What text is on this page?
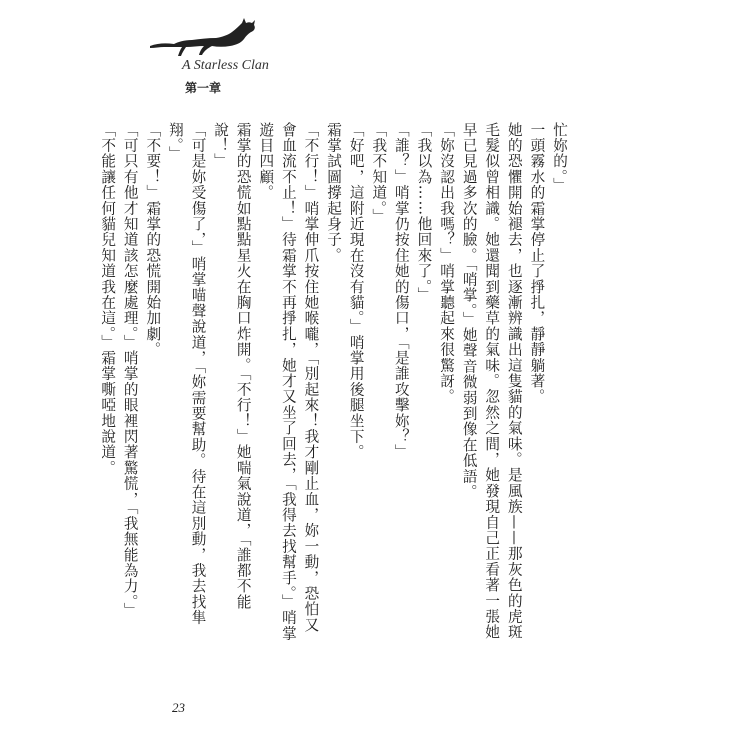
A Starless Clan
第一章

忙妳的。」

一頭霧水的霜掌停止了掙扎，靜靜躺著。

她的恐懼開始褪去，也逐漸辨識出這隻貓的氣味。是風族——那灰色的虎斑毛髮似曾相識。她還聞到藥草的氣味。忽然之間，她發現自己正看著一張她早已見過多次的臉。「哨掌。」她聲音微弱到像在低語。

「妳沒認出我嗎？」哨掌聽起來很驚訝。

「我以為……他回來了。」

「誰？」哨掌仍按住她的傷口，「是誰攻擊妳？」

「我不知道。」

「好吧，這附近現在沒有貓。」哨掌用後腿坐下。

霜掌試圖撐起身子。

「不行！」哨掌伸爪按住她喉嚨，「別起來！我才剛止血，妳一動，恐怕又會血流不止！」待霜掌不再掙扎，她才又坐了回去，「我得去找幫手。」哨掌遊目四顧。

霜掌的恐慌如點點星火在胸口炸開。「不行！」她喘氣說道，「誰都不能說！」

「可是妳受傷了，」哨掌喵聲說道，「妳需要幫助。待在這別動，我去找隼翔。」

「不要！」霜掌的恐慌開始加劇。

「可只有他才知道該怎麼處理。」哨掌的眼裡閃著驚慌，「我無能為力。」

「不能讓任何貓兒知道我在這。」霜掌嘶啞地說道。

23
